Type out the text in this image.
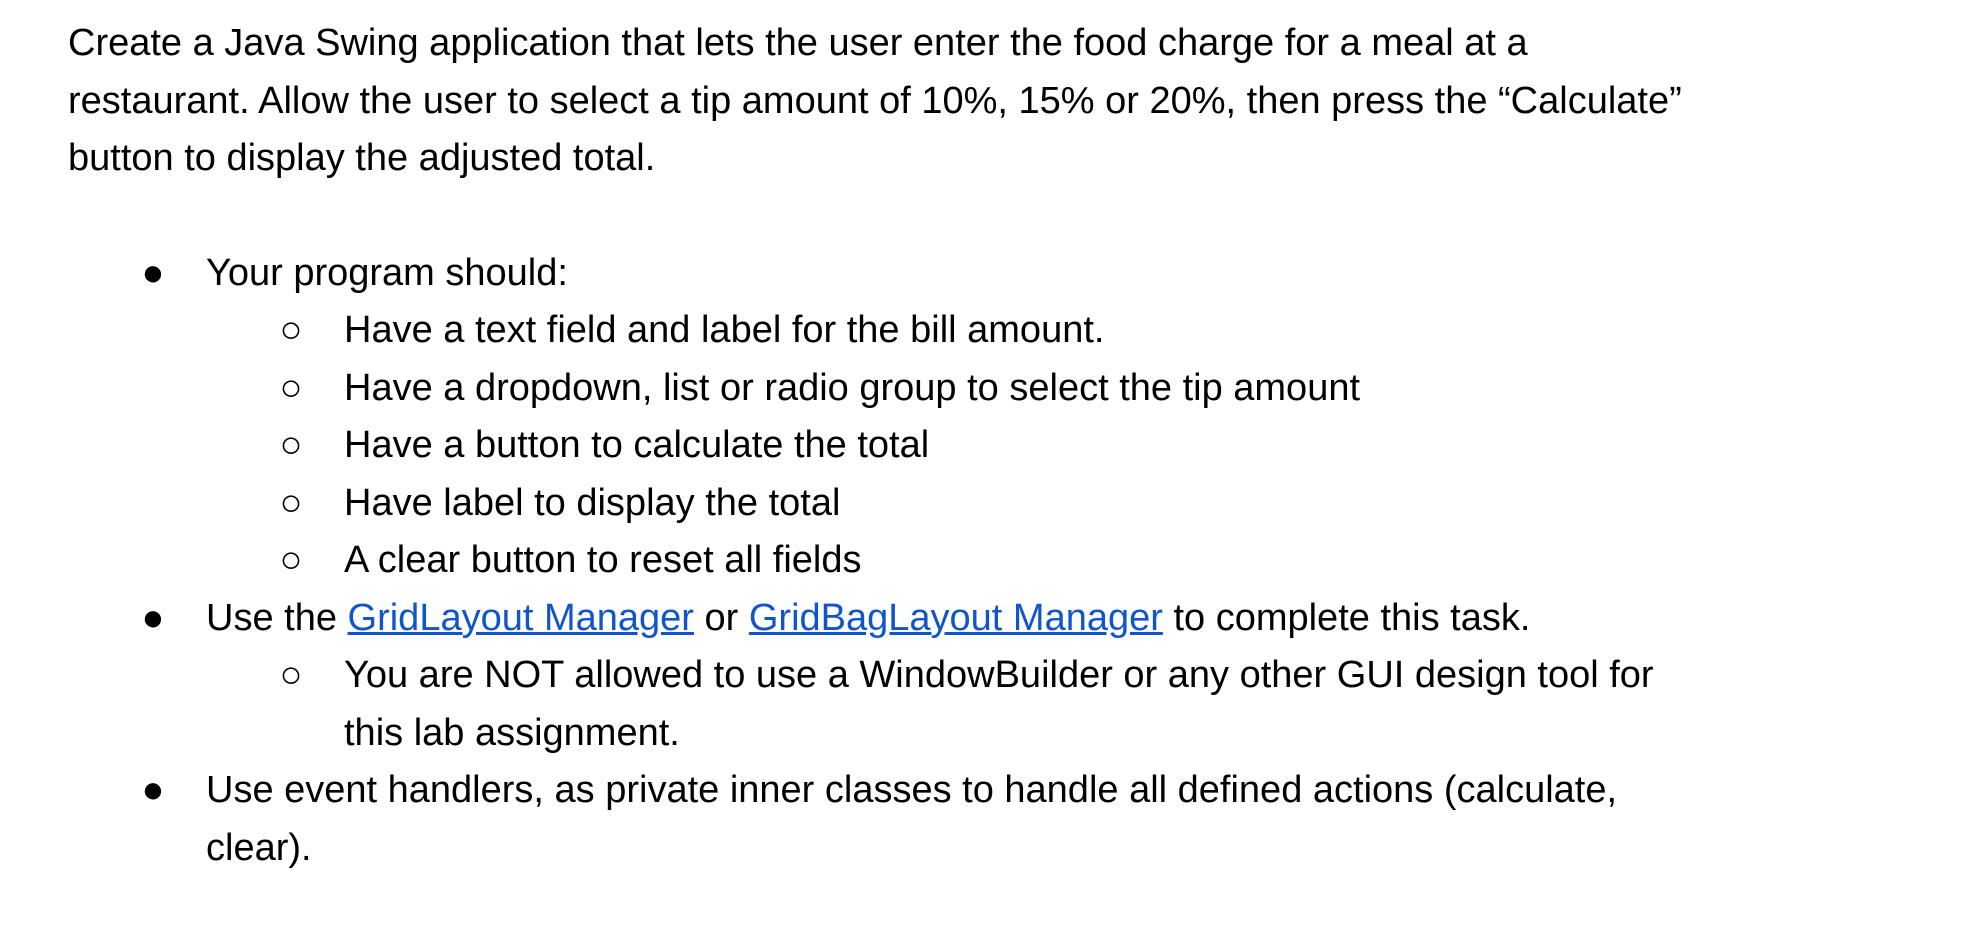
Create a Java Swing application that lets the user enter the food charge for a meal at a
restaurant. Allow the user to select a tip amount of 10%, 15% or 20%, then press the “Calculate”
button to display the adjusted total.

● Your program should:
○ Have a text field and label for the bill amount.
○ Have a dropdown, list or radio group to select the tip amount
○ Have a button to calculate the total
○ Have label to display the total
○ A clear button to reset all fields
● Use the GridLayout Manager or GridBagLayout Manager to complete this task.
○ You are NOT allowed to use a WindowBuilder or any other GUI design tool for
this lab assignment.
● Use event handlers, as private inner classes to handle all defined actions (calculate,
clear).
